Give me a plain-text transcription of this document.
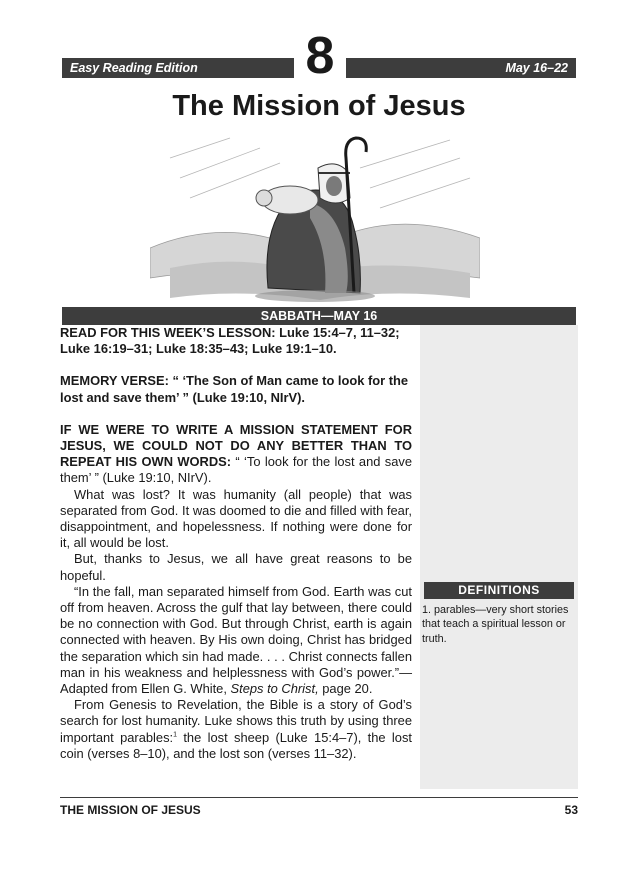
Easy Reading Edition	8	May 16–22
The Mission of Jesus
SABBATH—MAY 16

READ FOR THIS WEEK’S LESSON: Luke 15:4–7, 11–32; Luke 16:19–31; Luke 18:35–43; Luke 19:1–10.

MEMORY VERSE: “ ‘The Son of Man came to look for the lost and save them’ ” (Luke 19:10, NIrV).

IF WE WERE TO WRITE A MISSION STATEMENT FOR JESUS, WE COULD NOT DO ANY BETTER THAN TO REPEAT HIS OWN WORDS: “ ‘To look for the lost and save them’ ” (Luke 19:10, NIrV).

What was lost? It was humanity (all people) that was separated from God. It was doomed to die and filled with fear, disappointment, and hopelessness. If nothing were done for it, all would be lost.

But, thanks to Jesus, we all have great reasons to be hopeful.

“In the fall, man separated himself from God. Earth was cut off from heaven. Across the gulf that lay between, there could be no connection with God. But through Christ, earth is again connected with heaven. By His own doing, Christ has bridged the separation which sin had made. . . . Christ connects fallen man in his weakness and helplessness with God’s power.”—Adapted from Ellen G. White, Steps to Christ, page 20.

From Genesis to Revelation, the Bible is a story of God’s search for lost humanity. Luke shows this truth by using three important parables:$^1$ the lost sheep (Luke 15:4–7), the lost coin (verses 8–10), and the lost son (verses 11–32).

DEFINITIONS
1. parables—very short stories that teach a spiritual lesson or truth.
THE MISSION OF JESUS	53
